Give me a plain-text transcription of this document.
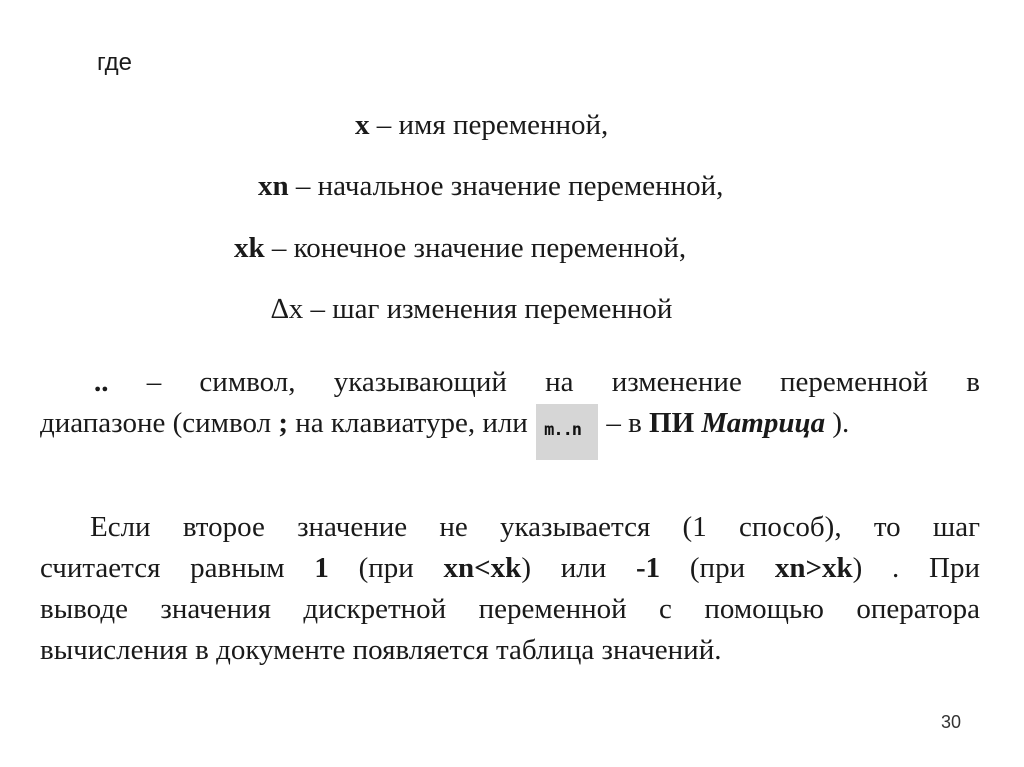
где
x – имя переменной,
xn – начальное значение переменной,
xk – конечное значение переменной,
∆x – шаг изменения переменной
.. – символ, указывающий на изменение переменной в
диапазоне (символ ; на клавиатуре, или m..n – в ПИ Матрица ).
Если второе значение не указывается (1 способ), то шаг
считается равным 1 (при xn<xk) или -1 (при xn>xk) . При
выводе значения дискретной переменной с помощью оператора
вычисления в документе появляется таблица значений.
30
